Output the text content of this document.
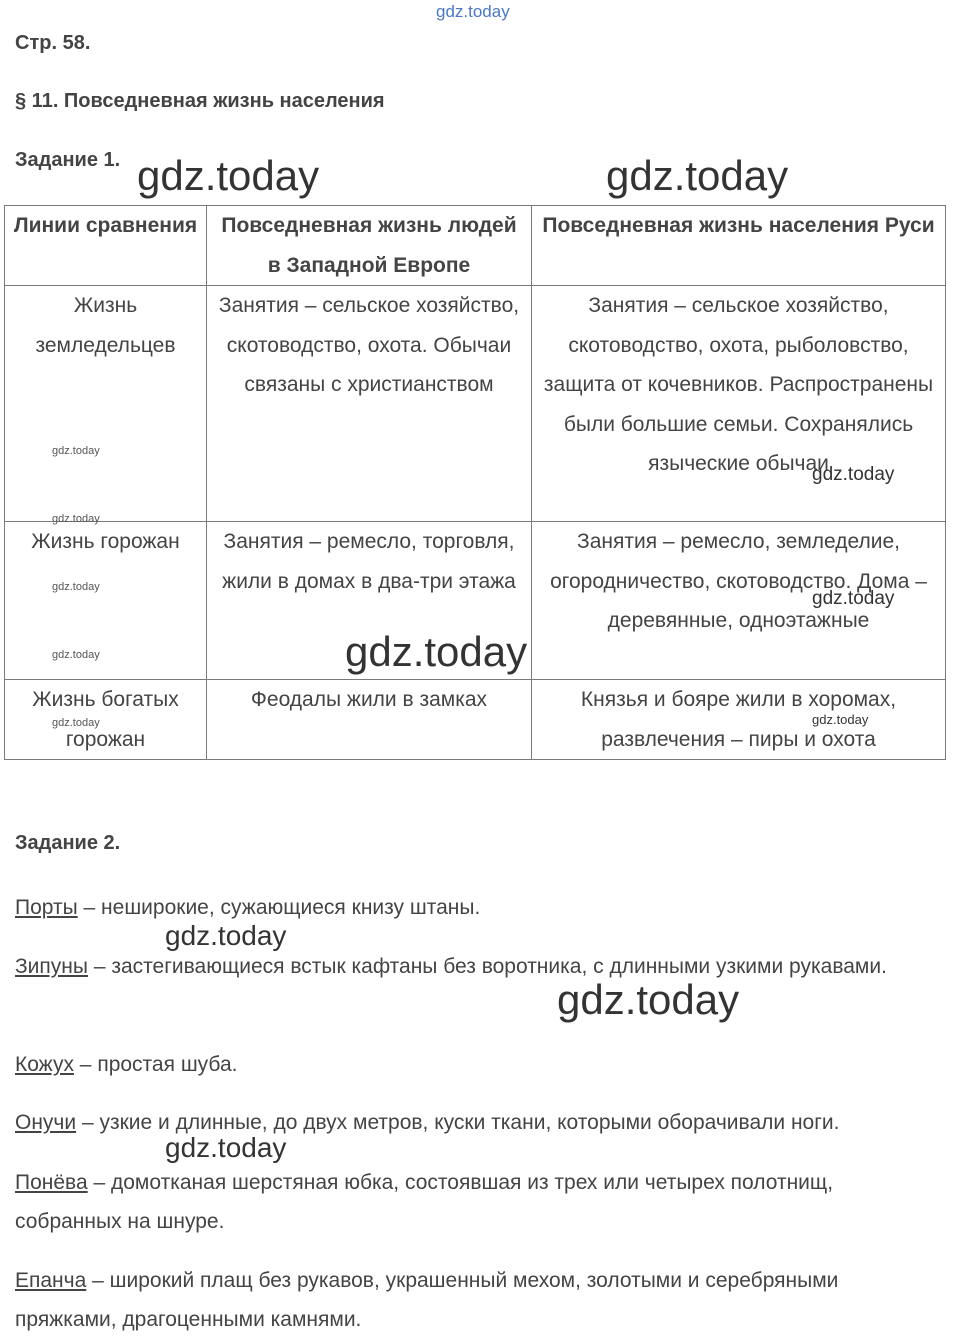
gdz.today
Стр. 58.
§ 11. Повседневная жизнь населения
Задание 1. gdz.today	gdz.today
Линии сравнения	Повседневная жизнь людей в Западной Европе	Повседневная жизнь населения Руси
Жизнь земледельцев	Занятия – сельское хозяйство, скотоводство, охота. Обычаи связаны с христианством	Занятия – сельское хозяйство, скотоводство, охота, рыболовство, защита от кочевников. Распространены были большие семьи. Сохранялись языческие обычаи
Жизнь горожан	Занятия – ремесло, торговля, жили в домах в два-три этажа	Занятия – ремесло, земледелие, огородничество, скотоводство. Дома – деревянные, одноэтажные
Жизнь богатых горожан	Феодалы жили в замках	Князья и бояре жили в хоромах, развлечения – пиры и охота
gdz.today
gdz.today
gdz.today
gdz.today
gdz.today
gdz.today
gdz.today
gdz.today
gdz.today
Задание 2.
Порты – неширокие, сужающиеся книзу штаны.
gdz.today
Зипуны – застегивающиеся встык кафтаны без воротника, с длинными узкими рукавами.
gdz.today
Кожух – простая шуба.
Онучи – узкие и длинные, до двух метров, куски ткани, которыми оборачивали ноги.
gdz.today
Понёва – домотканая шерстяная юбка, состоявшая из трех или четырех полотнищ, собранных на шнуре.
Епанча – широкий плащ без рукавов, украшенный мехом, золотыми и серебряными пряжками, драгоценными камнями.
